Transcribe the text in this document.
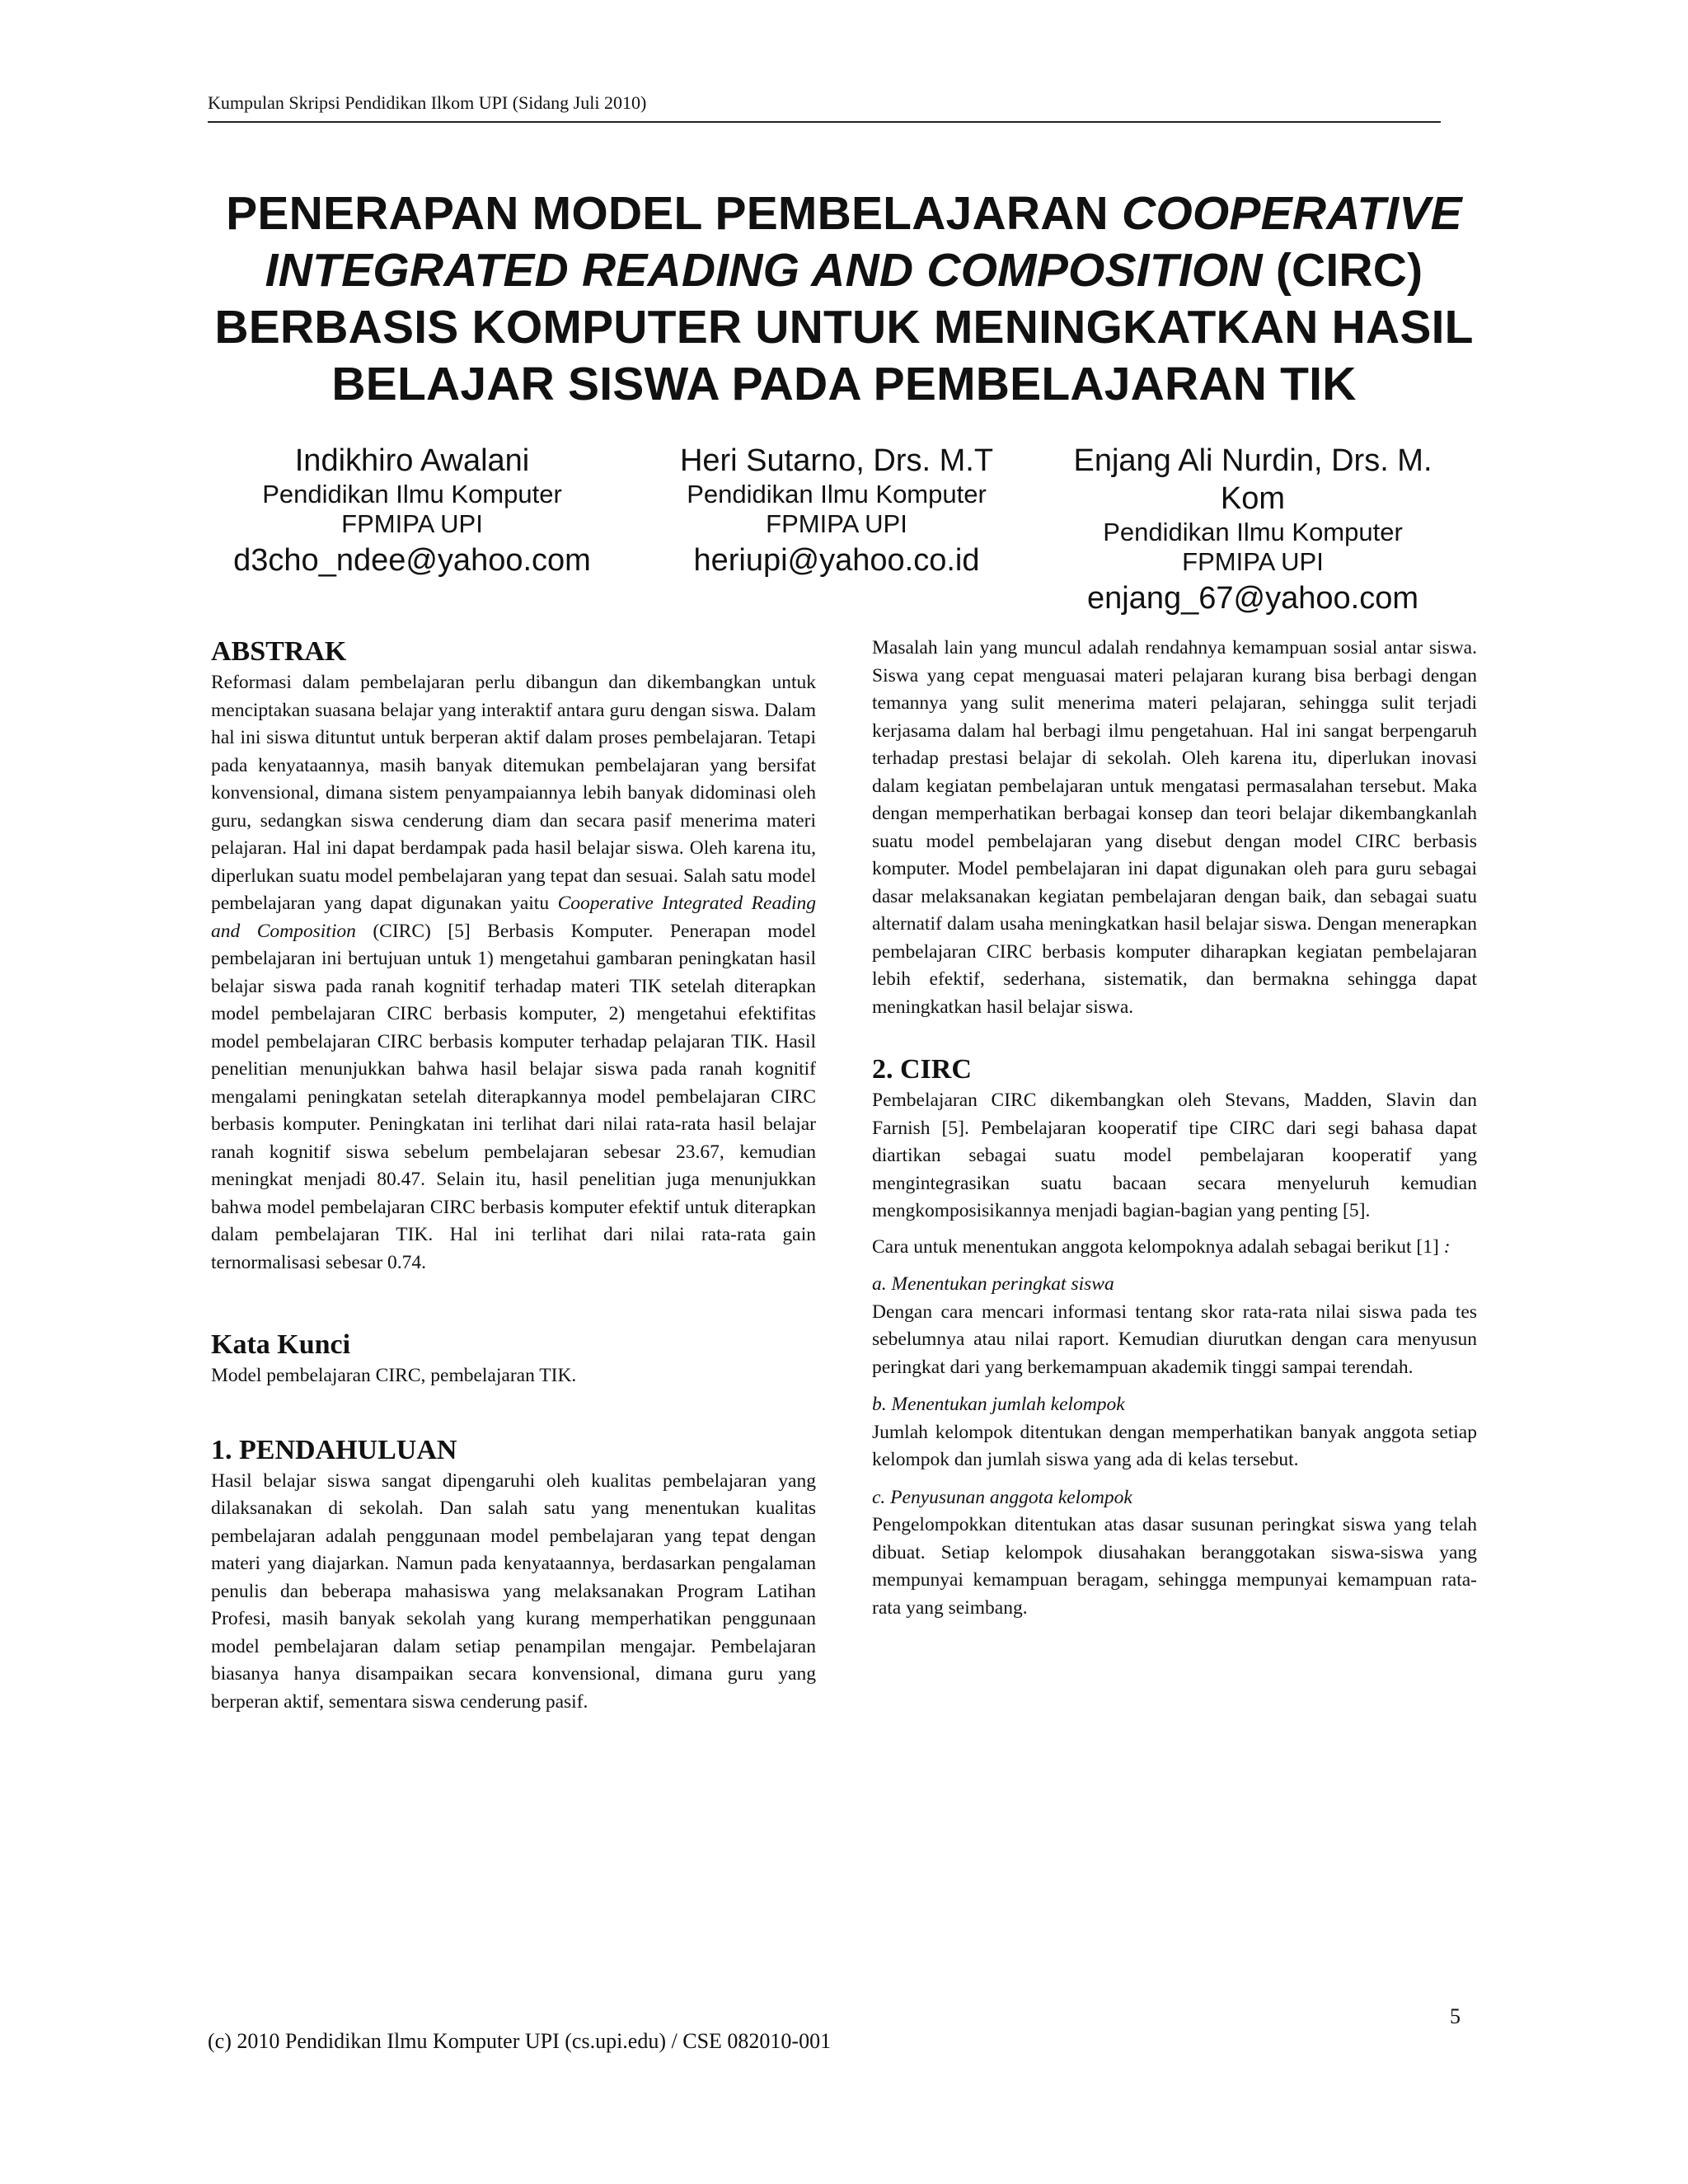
Kumpulan Skripsi Pendidikan Ilkom UPI (Sidang Juli 2010)
PENERAPAN MODEL PEMBELAJARAN COOPERATIVE
INTEGRATED READING AND COMPOSITION (CIRC)
BERBASIS KOMPUTER UNTUK MENINGKATKAN HASIL
BELAJAR SISWA PADA PEMBELAJARAN TIK
Indikhiro Awalani
Pendidikan Ilmu Komputer
FPMIPA UPI
d3cho_ndee@yahoo.com
Heri Sutarno, Drs. M.T
Pendidikan Ilmu Komputer
FPMIPA UPI
heriupi@yahoo.co.id
Enjang Ali Nurdin, Drs. M. Kom
Pendidikan Ilmu Komputer
FPMIPA UPI
enjang_67@yahoo.com
ABSTRAK

Reformasi dalam pembelajaran perlu dibangun dan dikembangkan untuk menciptakan suasana belajar yang interaktif antara guru dengan siswa. Dalam hal ini siswa dituntut untuk berperan aktif dalam proses pembelajaran. Tetapi pada kenyataannya, masih banyak ditemukan pembelajaran yang bersifat konvensional, dimana sistem penyampaiannya lebih banyak didominasi oleh guru, sedangkan siswa cenderung diam dan secara pasif menerima materi pelajaran. Hal ini dapat berdampak pada hasil belajar siswa. Oleh karena itu, diperlukan suatu model pembelajaran yang tepat dan sesuai. Salah satu model pembelajaran yang dapat digunakan yaitu Cooperative Integrated Reading and Composition (CIRC) [5] Berbasis Komputer. Penerapan model pembelajaran ini bertujuan untuk 1) mengetahui gambaran peningkatan hasil belajar siswa pada ranah kognitif terhadap materi TIK setelah diterapkan model pembelajaran CIRC berbasis komputer, 2) mengetahui efektifitas model pembelajaran CIRC berbasis komputer terhadap pelajaran TIK. Hasil penelitian menunjukkan bahwa hasil belajar siswa pada ranah kognitif mengalami peningkatan setelah diterapkannya model pembelajaran CIRC berbasis komputer. Peningkatan ini terlihat dari nilai rata-rata hasil belajar ranah kognitif siswa sebelum pembelajaran sebesar 23.67, kemudian meningkat menjadi 80.47. Selain itu, hasil penelitian juga menunjukkan bahwa model pembelajaran CIRC berbasis komputer efektif untuk diterapkan dalam pembelajaran TIK. Hal ini terlihat dari nilai rata-rata gain ternormalisasi sebesar 0.74.

Kata Kunci

Model pembelajaran CIRC, pembelajaran TIK.

1. PENDAHULUAN

Hasil belajar siswa sangat dipengaruhi oleh kualitas pembelajaran yang dilaksanakan di sekolah. Dan salah satu yang menentukan kualitas pembelajaran adalah penggunaan model pembelajaran yang tepat dengan materi yang diajarkan. Namun pada kenyataannya, berdasarkan pengalaman penulis dan beberapa mahasiswa yang melaksanakan Program Latihan Profesi, masih banyak sekolah yang kurang memperhatikan penggunaan model pembelajaran dalam setiap penampilan mengajar. Pembelajaran biasanya hanya disampaikan secara konvensional, dimana guru yang berperan aktif, sementara siswa cenderung pasif.

Masalah lain yang muncul adalah rendahnya kemampuan sosial antar siswa. Siswa yang cepat menguasai materi pelajaran kurang bisa berbagi dengan temannya yang sulit menerima materi pelajaran, sehingga sulit terjadi kerjasama dalam hal berbagi ilmu pengetahuan. Hal ini sangat berpengaruh terhadap prestasi belajar di sekolah. Oleh karena itu, diperlukan inovasi dalam kegiatan pembelajaran untuk mengatasi permasalahan tersebut. Maka dengan memperhatikan berbagai konsep dan teori belajar dikembangkanlah suatu model pembelajaran yang disebut dengan model CIRC berbasis komputer. Model pembelajaran ini dapat digunakan oleh para guru sebagai dasar melaksanakan kegiatan pembelajaran dengan baik, dan sebagai suatu alternatif dalam usaha meningkatkan hasil belajar siswa. Dengan menerapkan pembelajaran CIRC berbasis komputer diharapkan kegiatan pembelajaran lebih efektif, sederhana, sistematik, dan bermakna sehingga dapat meningkatkan hasil belajar siswa.

2. CIRC

Pembelajaran CIRC dikembangkan oleh Stevans, Madden, Slavin dan Farnish [5]. Pembelajaran kooperatif tipe CIRC dari segi bahasa dapat diartikan sebagai suatu model pembelajaran kooperatif yang mengintegrasikan suatu bacaan secara menyeluruh kemudian mengkomposisikannya menjadi bagian-bagian yang penting [5].

Cara untuk menentukan anggota kelompoknya adalah sebagai berikut [1] :

a. Menentukan peringkat siswa

Dengan cara mencari informasi tentang skor rata-rata nilai siswa pada tes sebelumnya atau nilai raport. Kemudian diurutkan dengan cara menyusun peringkat dari yang berkemampuan akademik tinggi sampai terendah.

b. Menentukan jumlah kelompok

Jumlah kelompok ditentukan dengan memperhatikan banyak anggota setiap kelompok dan jumlah siswa yang ada di kelas tersebut.

c. Penyusunan anggota kelompok

Pengelompokkan ditentukan atas dasar susunan peringkat siswa yang telah dibuat. Setiap kelompok diusahakan beranggotakan siswa-siswa yang mempunyai kemampuan beragam, sehingga mempunyai kemampuan rata-rata yang seimbang.

5
(c) 2010 Pendidikan Ilmu Komputer UPI (cs.upi.edu) / CSE 082010-001
